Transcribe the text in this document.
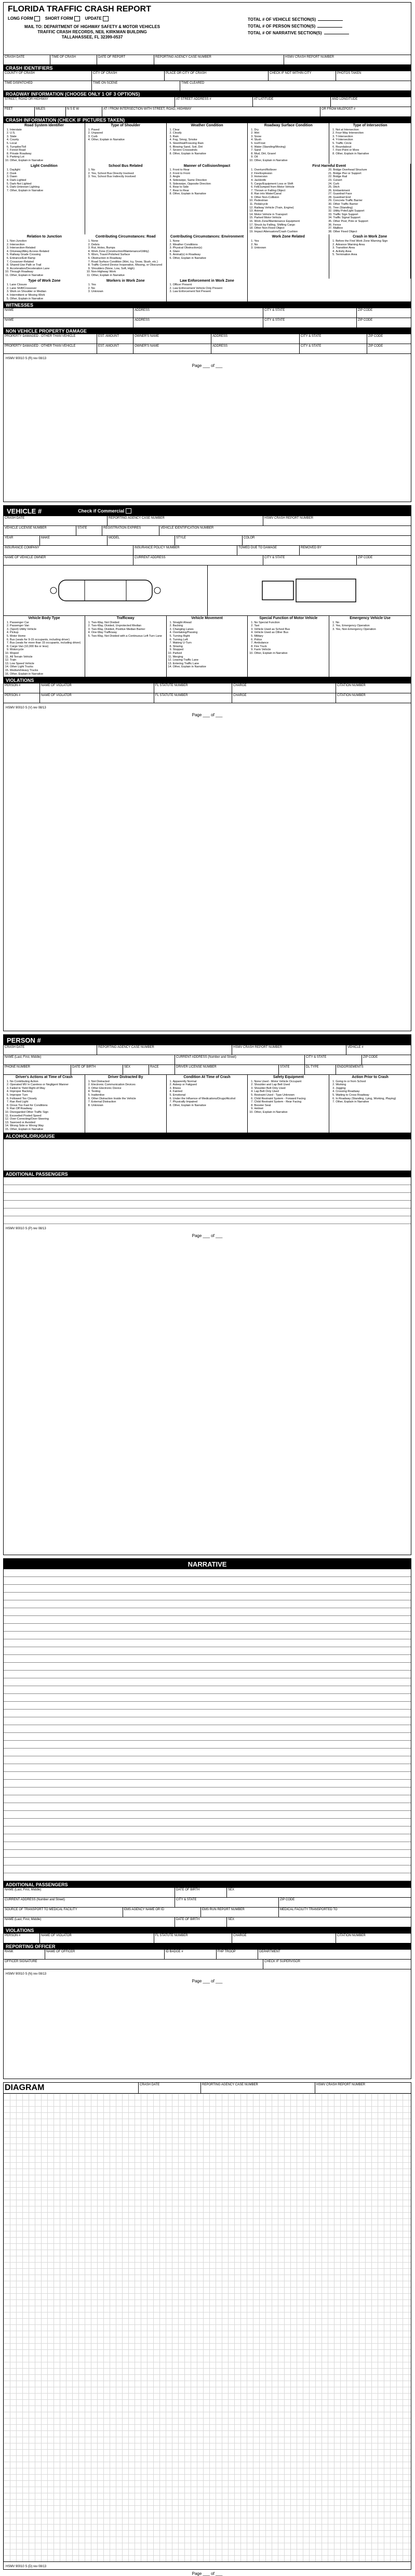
FLORIDA TRAFFIC CRASH REPORT
LONG FORM	SHORT FORM	UPDATE
MAIL TO: DEPARTMENT OF HIGHWAY SAFETY & MOTOR VEHICLES
TRAFFIC CRASH RECORDS, NEIL KIRKMAN BUILDING
TALLAHASSEE, FL 32399-0537
TOTAL # OF VEHICLE SECTION(S)
TOTAL # OF PERSON SECTION(S)
TOTAL # OF NARRATIVE SECTION(S)
CRASH DATE	TIME OF CRASH	DATE OF REPORT	REPORTING AGENCY CASE NUMBER	HSMV CRASH REPORT NUMBER
CRASH IDENTIFIERS
COUNTY OF CRASH	CITY OF CRASH	PLACE OR CITY OF CRASH	CHECK IF NOT WITHIN CITY	PHOTOS TAKEN
TIME DISPATCHED	TIME ON SCENE	TIME CLEARED
ROADWAY INFORMATION (CHOOSE ONLY 1 OF 3 OPTIONS)
STREET, ROAD OR HIGHWAY	AT STREET ADDRESS #	AT LATITUDE	AND LONGITUDE
FEET	MILES	N S E W	AT / FROM INTERSECTION WITH STREET, ROAD, HIGHWAY	OR FROM MILEPOST #
CRASH INFORMATION (CHECK IF PICTURES TAKEN)
Road System Identifier
1. Interstate
2. U.S.
3. State
4. County
5. Local
6. Turnpike/Toll
7. Forest Road
8. Private Roadway
9. Parking Lot
10. Other, Explain in Narrative
Type of Shoulder
1. Paved
2. Unpaved
3. Curb
4. Other, Explain in Narrative
Weather Condition
1. Clear
2. Cloudy
3. Rain
4. Fog, Smog, Smoke
5. Sleet/Hail/Freezing Rain
6. Blowing Sand, Soil, Dirt
7. Severe Crosswinds
8. Other, Explain in Narrative
Roadway Surface Condition
1. Dry
2. Wet
3. Snow
4. Slush
5. Ice/Frost
6. Water (Standing/Moving)
7. Sand
8. Mud, Dirt, Gravel
9. Oil
10. Other, Explain in Narrative
Type of Intersection
1. Not at Intersection
2. Four-Way Intersection
3. T-Intersection
4. Y-Intersection
5. Traffic Circle
6. Roundabout
7. Five-Point or More
8. Other, Explain in Narrative
Light Condition
1. Daylight
2. Dusk
3. Dawn
4. Dark-Lighted
5. Dark-Not Lighted
6. Dark-Unknown Lighting
7. Other, Explain in Narrative
School Bus Related
1. No
2. Yes, School Bus Directly Involved
3. Yes, School Bus Indirectly Involved
Manner of Collision/Impact
1. Front to Rear
2. Front to Front
3. Angle
4. Sideswipe, Same Direction
5. Sideswipe, Opposite Direction
6. Rear to Side
7. Rear to Rear
8. Other, Explain in Narrative
First Harmful Event
1. Overturn/Rollover
2. Fire/Explosion
3. Immersion
4. Jackknife
5. Cargo/Equipment Loss or Shift
6. Fell/Jumped from Motor Vehicle
7. Thrown or Falling Object
8. Ran into Water/Canal
9. Other Non-Collision
10. Pedestrian
11. Pedalcycle
12. Railway Vehicle (Train, Engine)
13. Animal
14. Motor Vehicle in Transport
15. Parked Motor Vehicle
16. Work Zone/Maintenance Equipment
17. Struck by Falling, Shifting Cargo
18. Other Non-Fixed Object
19. Impact Attenuators/Crash Cushion
20. Bridge Overhead Structure
21. Bridge Pier or Support
22. Bridge Rail
23. Culvert
24. Curb
25. Ditch
26. Embankment
27. Guardrail Face
28. Guardrail End
29. Concrete Traffic Barrier
30. Other Traffic Barrier
31. Tree (Standing)
32. Utility Pole/Light Support
33. Traffic Sign Support
34. Traffic Signal Support
35. Other Post, Pole or Support
36. Fence
37. Mailbox
38. Other Fixed Object
Relation to Junction
1. Non-Junction
2. Intersection
3. Intersection-Related
4. Driveway/Alley Access Related
5. Railway Grade Crossing
6. Entrance/Exit Ramp
7. Crossover-Related
8. Shared-Use Path or Trail
9. Acceleration/Deceleration Lane
10. Through Roadway
11. Other, Explain in Narrative
Contributing Circumstances: Road
1. None
2. Debris
3. Rut, Holes, Bumps
4. Work Zone (Construction/Maintenance/Utility)
5. Worn, Travel-Polished Surface
6. Obstruction in Roadway
7. Road Surface Condition (Wet, Icy, Snow, Slush, etc.)
8. Traffic Control Device Inoperative, Missing, or Obscured
9. Shoulders (None, Low, Soft, High)
10. Non-Highway Work
11. Other, Explain in Narrative
Contributing Circumstances: Environment
1. None
2. Weather Conditions
3. Physical Obstruction(s)
4. Glare
5. Animal(s) in Roadway
6. Other, Explain in Narrative
Work Zone Related
1. Yes
2. No
3. Unknown
Crash in Work Zone
1. Before the First Work Zone Warning Sign
2. Advance Warning Area
3. Transition Area
4. Activity Area
5. Termination Area
Type of Work Zone
1. Lane Closure
2. Lane Shift/Crossover
3. Work on Shoulder or Median
4. Intermittent or Moving Work
5. Other, Explain in Narrative
Workers in Work Zone
1. Yes
2. No
3. Unknown
Law Enforcement in Work Zone
1. Officer Present
2. Law Enforcement Vehicle Only Present
3. Law Enforcement Not Present
WITNESSES
NAME	ADDRESS	CITY & STATE	ZIP CODE
NAME	ADDRESS	CITY & STATE	ZIP CODE
NON VEHICLE PROPERTY DAMAGE
PROPERTY DAMAGED - OTHER THAN VEHICLE	EST. AMOUNT	OWNER'S NAME	ADDRESS	CITY & STATE	ZIP CODE
PROPERTY DAMAGED - OTHER THAN VEHICLE	EST. AMOUNT	OWNER'S NAME	ADDRESS	CITY & STATE	ZIP CODE
HSMV 90010 S (R) rev 08/13
Page ___ of ___
VEHICLE #	Check if Commercial

CRASH DATE	REPORTING AGENCY CASE NUMBER	HSMV CRASH REPORT NUMBER
VEHICLE LICENSE NUMBER	STATE	REGISTRATION EXPIRES	VEHICLE IDENTIFICATION NUMBER
YEAR	MAKE	MODEL	STYLE	COLOR
INSURANCE COMPANY	INSURANCE POLICY NUMBER	TOWED DUE TO DAMAGE	REMOVED BY
NAME OF VEHICLE OWNER	CURRENT ADDRESS	CITY & STATE	ZIP CODE
Vehicle Body Type
1. Passenger Car
2. Passenger Van
3. (Sport) Utility Vehicle
4. Pickup
5. Motor Home
6. Bus (seats for 9-15 occupants, including driver)
7. Bus (seats for more than 15 occupants, including driver)
8. Cargo Van (10,000 lbs or less)
9. Motorcycle
10. Moped
11. All Terrain Vehicle
12. Train
13. Low Speed Vehicle
14. Other Light Trucks
15. Medium/Heavy Trucks
16. Other, Explain in Narrative
Trafficway
1. Two-Way, Not Divided
2. Two-Way, Divided, Unprotected Median
3. Two-Way, Divided, Positive Median Barrier
4. One-Way Trafficway
5. Two-Way, Not Divided with a Continuous Left Turn Lane
Vehicle Movement
1. Straight Ahead
2. Backing
3. Changing Lanes
4. Overtaking/Passing
5. Turning Right
6. Turning Left
7. Making U-Turn
8. Slowing
9. Stopped
10. Parked
11. Merging
12. Leaving Traffic Lane
13. Entering Traffic Lane
14. Other, Explain in Narrative
Special Function of Motor Vehicle
1. No Special Function
2. Taxi
3. Vehicle Used as School Bus
4. Vehicle Used as Other Bus
5. Military
6. Police
7. Ambulance
8. Fire Truck
9. Farm Vehicle
10. Other, Explain in Narrative
Emergency Vehicle Use
1. No
2. Yes, Emergency Operation
3. Yes, Non-Emergency Operation
VIOLATIONS
PERSON #	NAME OF VIOLATOR	FL STATUTE NUMBER	CHARGE	CITATION NUMBER
PERSON #	NAME OF VIOLATOR	FL STATUTE NUMBER	CHARGE	CITATION NUMBER
HSMV 90010 S (V) rev 08/13
Page ___ of ___
PERSON #
CRASH DATE	REPORTING AGENCY CASE NUMBER	HSMV CRASH REPORT NUMBER	VEHICLE #
NAME (Last, First, Middle)	CURRENT ADDRESS (Number and Street)	CITY & STATE	ZIP CODE
PHONE NUMBER	DATE OF BIRTH	SEX	RACE	DRIVER LICENSE NUMBER	STATE	DL TYPE	ENDORSEMENTS
Driver's Actions at Time of Crash
1. No Contributing Action
2. Operated MV in Careless or Negligent Manner
3. Failed to Yield Right-of-Way
4. Improper Backing
5. Improper Turn
6. Followed Too Closely
7. Ran Red Light
8. Drove Too Fast for Conditions
9. Ran Off Roadway
10. Disregarded Other Traffic Sign
11. Exceeded Posted Speed
12. Over-Correcting/Over-Steering
13. Swerved or Avoided
14. Wrong Side or Wrong Way
15. Other, Explain in Narrative
Driver Distracted By
1. Not Distracted
2. Electronic Communication Devices
3. Other Electronic Device
4. Texting
5. Inattentive
6. Other Distraction Inside the Vehicle
7. External Distraction
8. Unknown
Condition At Time of Crash
1. Apparently Normal
2. Asleep or Fatigued
3. Illness
4. Fainted
5. Emotional
6. Under the Influence of Medications/Drugs/Alcohol
7. Physically Impaired
8. Other, Explain in Narrative
Safety Equipment
1. None Used - Motor Vehicle Occupant
2. Shoulder and Lap Belt Used
3. Shoulder Belt Only Used
4. Lap Belt Only Used
5. Restraint Used - Type Unknown
6. Child Restraint System - Forward Facing
7. Child Restraint System - Rear Facing
8. Booster Seat
9. Helmet
10. Other, Explain in Narrative
Action Prior to Crash
1. Going to or from School
2. Working
3. Jogging
4. Crossing Roadway
5. Waiting to Cross Roadway
6. In Roadway (Standing, Lying, Working, Playing)
7. Other, Explain in Narrative
ALCOHOL/DRUG/USE
ADDITIONAL PASSENGERS
HSMV 90010 S (P) rev 08/13
Page ___ of ___
NARRATIVE
ADDITIONAL PASSENGERS
NAME (Last, First, Middle)	DATE OF BIRTH	SEX
CURRENT ADDRESS (Number and Street)	CITY & STATE	ZIP CODE
SOURCE OF TRANSPORT TO MEDICAL FACILITY	EMS AGENCY NAME OR ID	EMS RUN REPORT NUMBER	MEDICAL FACILITY TRANSPORTED TO
NAME (Last, First, Middle)	DATE OF BIRTH	SEX
VIOLATIONS
PERSON #	NAME OF VIOLATOR	FL STATUTE NUMBER	CHARGE	CITATION NUMBER
REPORTING OFFICER
RANK	NAME OF OFFICER	ID BADGE #	FHP TROOP	DEPARTMENT
OFFICER SIGNATURE	CHECK IF SUPERVISOR
HSMV 90010 S (N) rev 08/13
Page ___ of ___
DIAGRAM	CRASH DATE	REPORTING AGENCY CASE NUMBER	HSMV CRASH REPORT NUMBER
HSMV 90010 S (D) rev 08/13
Page ___ of ___
